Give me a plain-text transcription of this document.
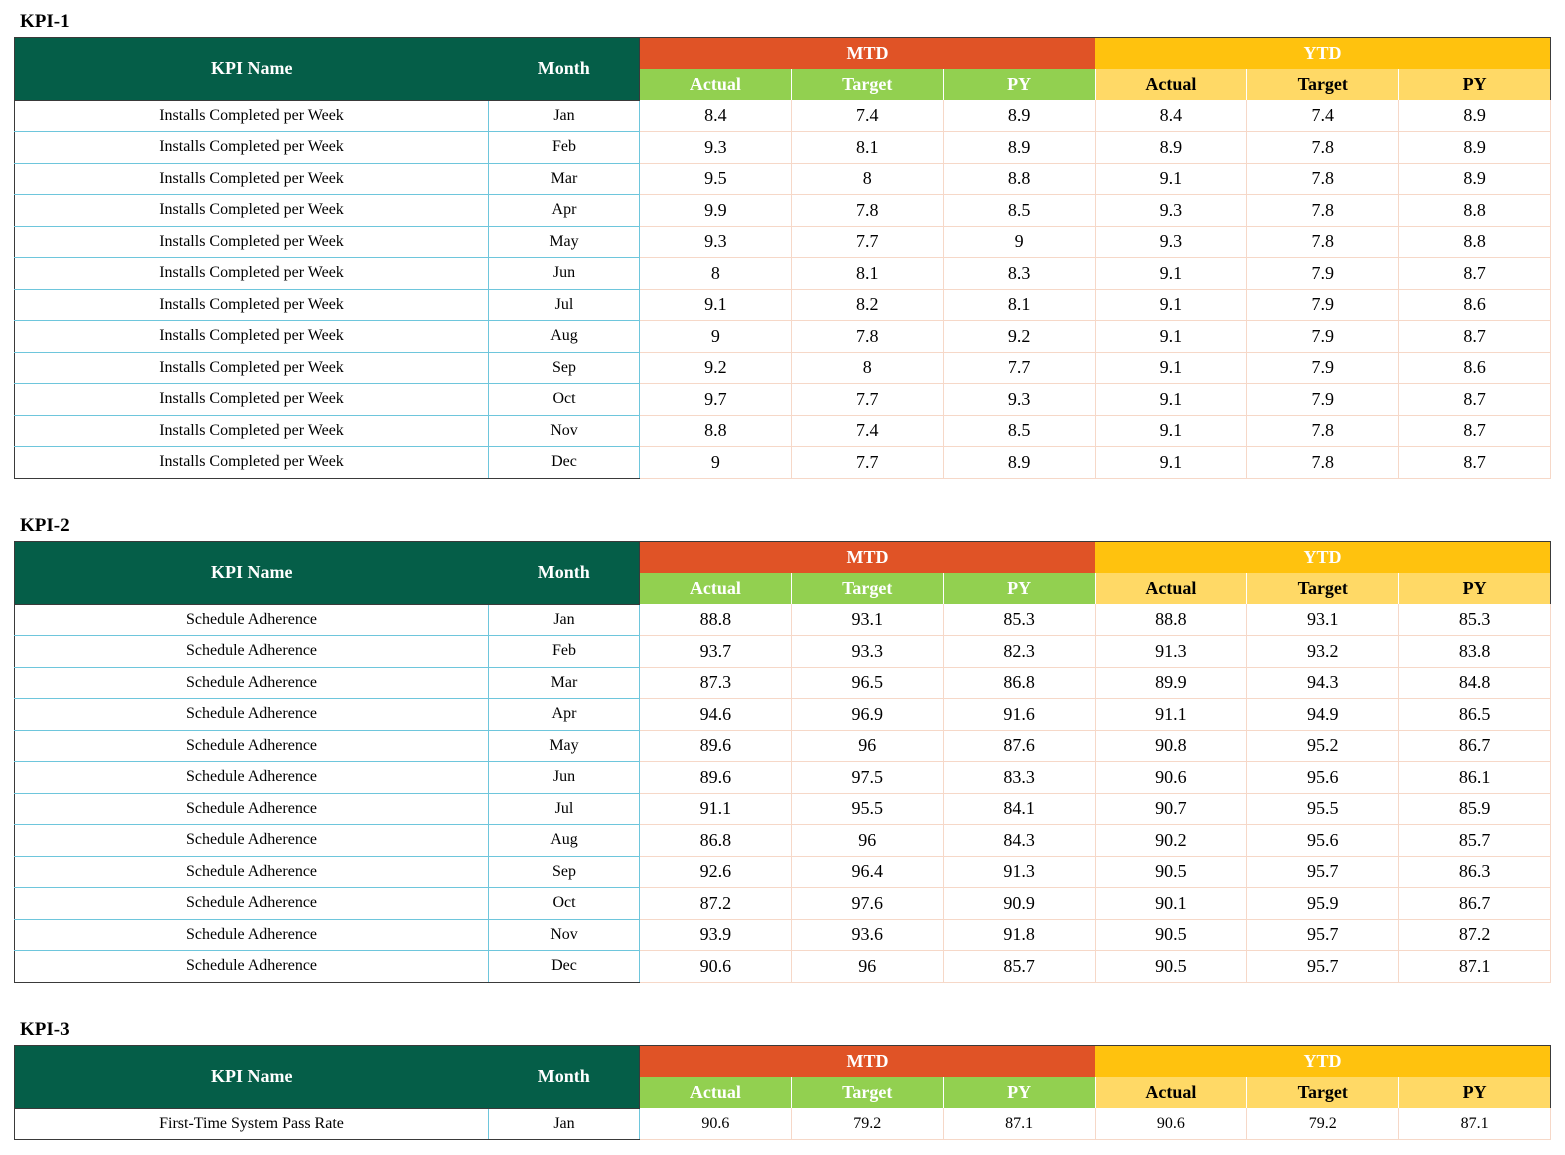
KPI-1
KPI Name	Month	MTD			YTD		
		Actual	Target	PY	Actual	Target	PY
Installs Completed per Week	Jan	8.4	7.4	8.9	8.4	7.4	8.9
Installs Completed per Week	Feb	9.3	8.1	8.9	8.9	7.8	8.9
Installs Completed per Week	Mar	9.5	8	8.8	9.1	7.8	8.9
Installs Completed per Week	Apr	9.9	7.8	8.5	9.3	7.8	8.8
Installs Completed per Week	May	9.3	7.7	9	9.3	7.8	8.8
Installs Completed per Week	Jun	8	8.1	8.3	9.1	7.9	8.7
Installs Completed per Week	Jul	9.1	8.2	8.1	9.1	7.9	8.6
Installs Completed per Week	Aug	9	7.8	9.2	9.1	7.9	8.7
Installs Completed per Week	Sep	9.2	8	7.7	9.1	7.9	8.6
Installs Completed per Week	Oct	9.7	7.7	9.3	9.1	7.9	8.7
Installs Completed per Week	Nov	8.8	7.4	8.5	9.1	7.8	8.7
Installs Completed per Week	Dec	9	7.7	8.9	9.1	7.8	8.7
KPI-2
KPI Name	Month	MTD			YTD		
		Actual	Target	PY	Actual	Target	PY
Schedule Adherence	Jan	88.8	93.1	85.3	88.8	93.1	85.3
Schedule Adherence	Feb	93.7	93.3	82.3	91.3	93.2	83.8
Schedule Adherence	Mar	87.3	96.5	86.8	89.9	94.3	84.8
Schedule Adherence	Apr	94.6	96.9	91.6	91.1	94.9	86.5
Schedule Adherence	May	89.6	96	87.6	90.8	95.2	86.7
Schedule Adherence	Jun	89.6	97.5	83.3	90.6	95.6	86.1
Schedule Adherence	Jul	91.1	95.5	84.1	90.7	95.5	85.9
Schedule Adherence	Aug	86.8	96	84.3	90.2	95.6	85.7
Schedule Adherence	Sep	92.6	96.4	91.3	90.5	95.7	86.3
Schedule Adherence	Oct	87.2	97.6	90.9	90.1	95.9	86.7
Schedule Adherence	Nov	93.9	93.6	91.8	90.5	95.7	87.2
Schedule Adherence	Dec	90.6	96	85.7	90.5	95.7	87.1
KPI-3
KPI Name	Month	MTD			YTD		
		Actual	Target	PY	Actual	Target	PY
First-Time System Pass Rate	Jan	90.6	79.2	87.1	90.6	79.2	87.1
